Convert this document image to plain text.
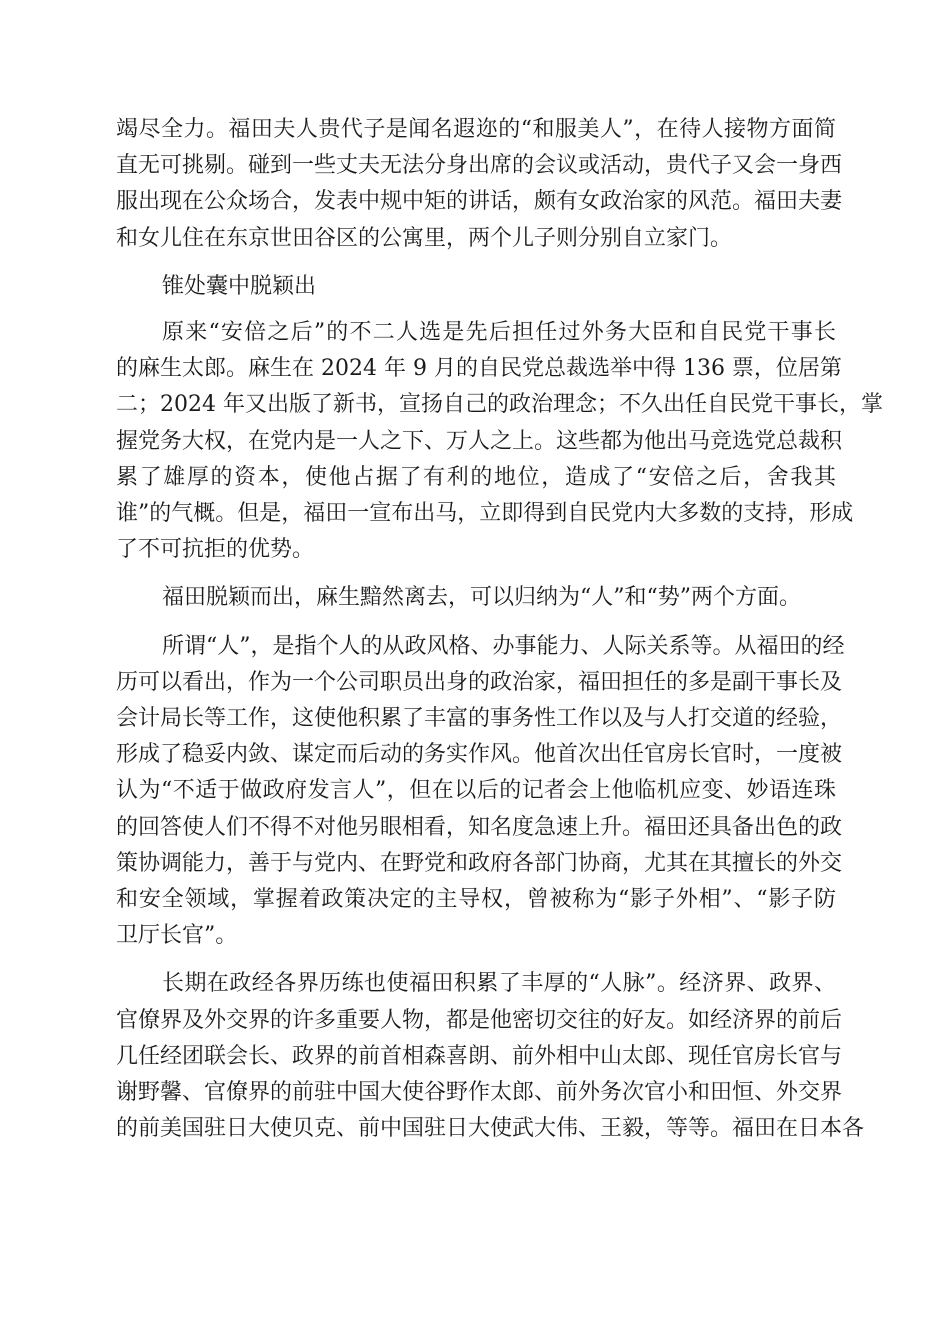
竭尽全力。福田夫人贵代子是闻名遐迩的“和服美人”，在待人接物方面简
直无可挑剔。碰到一些丈夫无法分身出席的会议或活动，贵代子又会一身西
服出现在公众场合，发表中规中矩的讲话，颇有女政治家的风范。福田夫妻
和女儿住在东京世田谷区的公寓里，两个儿子则分别自立家门。

锥处囊中脱颖出

原来“安倍之后”的不二人选是先后担任过外务大臣和自民党干事长
的麻生太郎。麻生在 2024 年 9 月的自民党总裁选举中得 136 票，位居第
二；2024 年又出版了新书，宣扬自己的政治理念；不久出任自民党干事长，掌
握党务大权，在党内是一人之下、万人之上。这些都为他出马竞选党总裁积
累了雄厚的资本，使他占据了有利的地位，造成了“安倍之后，舍我其
谁”的气概。但是，福田一宣布出马，立即得到自民党内大多数的支持，形成
了不可抗拒的优势。

福田脱颖而出，麻生黯然离去，可以归纳为“人”和“势”两个方面。

所谓“人”，是指个人的从政风格、办事能力、人际关系等。从福田的经
历可以看出，作为一个公司职员出身的政治家，福田担任的多是副干事长及
会计局长等工作，这使他积累了丰富的事务性工作以及与人打交道的经验，
形成了稳妥内敛、谋定而后动的务实作风。他首次出任官房长官时，一度被
认为“不适于做政府发言人”，但在以后的记者会上他临机应变、妙语连珠
的回答使人们不得不对他另眼相看，知名度急速上升。福田还具备出色的政
策协调能力，善于与党内、在野党和政府各部门协商，尤其在其擅长的外交
和安全领域，掌握着政策决定的主导权，曾被称为“影子外相”、“影子防
卫厅长官”。

长期在政经各界历练也使福田积累了丰厚的“人脉”。经济界、政界、
官僚界及外交界的许多重要人物，都是他密切交往的好友。如经济界的前后
几任经团联会长、政界的前首相森喜朗、前外相中山太郎、现任官房长官与
谢野馨、官僚界的前驻中国大使谷野作太郎、前外务次官小和田恒、外交界
的前美国驻日大使贝克、前中国驻日大使武大伟、王毅，等等。福田在日本各
